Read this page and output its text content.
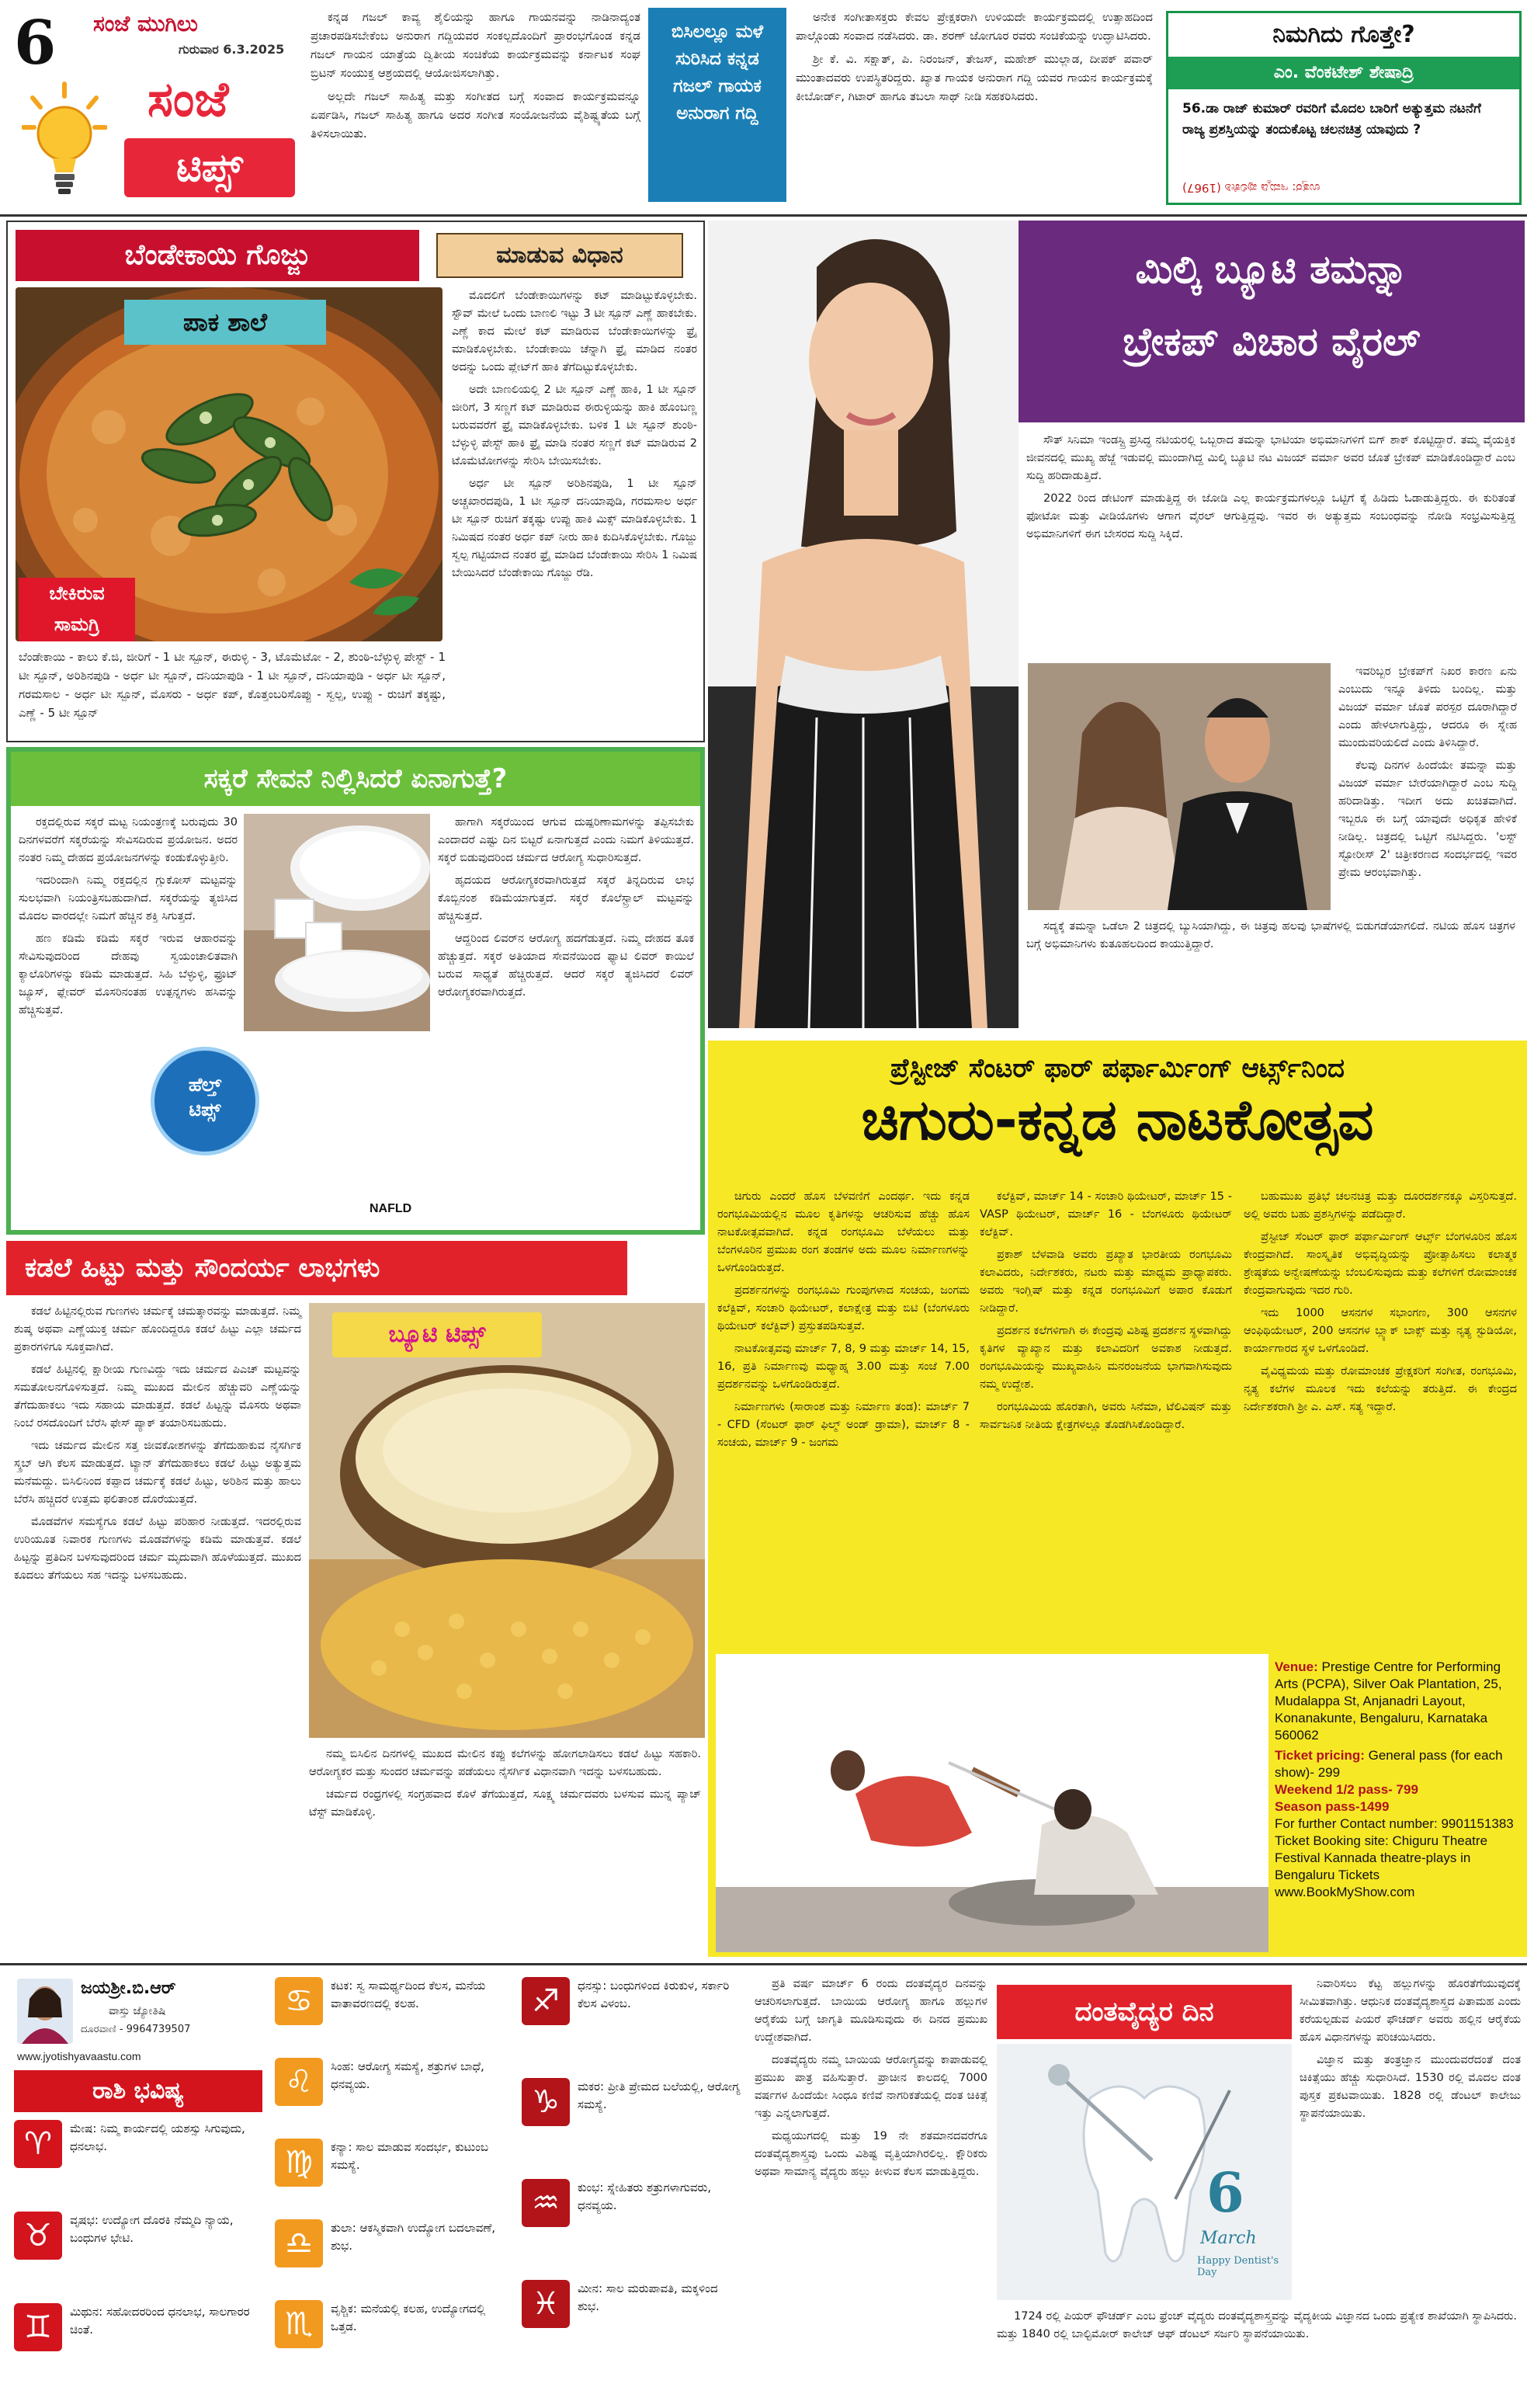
6 ಸಂಜೆ ಮುಗಿಲು
ಗುರುವಾರ 6.3.2025
ಸಂಜೆ
ಟಿಪ್ಸ್

ಕನ್ನಡ ಗಜಲ್ ಕಾವ್ಯ ಶೈಲಿಯನ್ನು ಹಾಗೂ ಗಾಯನವನ್ನು ನಾಡಿನಾದ್ಯಂತ ಪ್ರಚಾರಪಡಿಸಬೇಕೆಂಬ ಅನುರಾಗ ಗದ್ದಿಯವರ ಸಂಕಲ್ಪದೊಂದಿಗೆ ಪ್ರಾರಂಭಗೊಂಡ ಕನ್ನಡ ಗಜಲ್ ಗಾಯನ ಯಾತ್ರೆಯ ದ್ವಿತೀಯ ಸಂಚಿಕೆಯ ಕಾರ್ಯಕ್ರಮವನ್ನು ಕರ್ನಾಟಕ ಸಂಘ ಬ್ರಿಟನ್ ಸಂಯುಕ್ತ ಆಶ್ರಯದಲ್ಲಿ ಆಯೋಜಿಸಲಾಗಿತ್ತು.

ಅಲ್ಲದೇ ಗಜಲ್ ಸಾಹಿತ್ಯ ಮತ್ತು ಸಂಗೀತದ ಬಗ್ಗೆ ಸಂವಾದ ಕಾರ್ಯಕ್ರಮವನ್ನೂ ಏರ್ಪಡಿಸಿ, ಗಜಲ್ ಸಾಹಿತ್ಯ ಹಾಗೂ ಅದರ ಸಂಗೀತ ಸಂಯೋಜನೆಯ ವೈಶಿಷ್ಟ್ಯತೆಯ ಬಗ್ಗೆ ತಿಳಿಸಲಾಯಿತು.

ಬಿಸಿಲಲ್ಲೂ ಮಳೆ ಸುರಿಸಿದ ಕನ್ನಡ ಗಜಲ್ ಗಾಯಕ ಅನುರಾಗ ಗದ್ದಿ

ಅನೇಕ ಸಂಗೀತಾಸಕ್ತರು ಕೇವಲ ಪ್ರೇಕ್ಷಕರಾಗಿ ಉಳಿಯದೇ ಕಾರ್ಯಕ್ರಮದಲ್ಲಿ ಉತ್ಸಾಹದಿಂದ ಪಾಲ್ಗೊಂಡು ಸಂವಾದ ನಡೆಸಿದರು. ಡಾ. ಶರಣ್ ಜೋಗೂರ ರವರು ಸಂಚಿಕೆಯನ್ನು ಉದ್ಘಾಟಿಸಿದರು.

ಶ್ರೀ ಕೆ. ವಿ. ಸಕ್ಷಾತ್, ಪಿ. ನಿರಂಜನ್, ತೇಜಸ್, ಮಹೇಶ್ ಮುಲ್ಲಾಡ, ದೀಪಕ್ ಪವಾರ್ ಮುಂತಾದವರು ಉಪಸ್ಥಿತರಿದ್ದರು. ಖ್ಯಾತ ಗಾಯಕ ಅನುರಾಗ ಗದ್ದಿ ಯವರ ಗಾಯನ ಕಾರ್ಯಕ್ರಮಕ್ಕೆ ಕೀಬೋರ್ಡ್, ಗಿಟಾರ್ ಹಾಗೂ ತಬಲಾ ಸಾಥ್ ನೀಡಿ ಸಹಕರಿಸಿದರು.

ನಿಮಗಿದು ಗೊತ್ತೇ?
ಎಂ. ವೆಂಕಟೇಶ್ ಶೇಷಾದ್ರಿ
56.ಡಾ ರಾಜ್ ಕುಮಾರ್ ರವರಿಗೆ ಮೊದಲ ಬಾರಿಗೆ ಅತ್ಯುತ್ತಮ ನಟನೆಗೆ ರಾಜ್ಯ ಪ್ರಶಸ್ತಿಯನ್ನು ತಂದುಕೊಟ್ಟ ಚಲನಚಿತ್ರ ಯಾವುದು ?
ಉತ್ತರ: ಇಮ್ಮಡಿ ಪುಲಿಕೇಶಿ (1967)
ಬೆಂಡೇಕಾಯಿ ಗೊಜ್ಜು	ಮಾಡುವ ವಿಧಾನ
ಪಾಕ ಶಾಲೆ
ಬೇಕಿರುವ
ಸಾಮಗ್ರಿ
ಬೆಂಡೇಕಾಯಿ - ಕಾಲು ಕೆ.ಜಿ, ಜೀರಿಗೆ - 1 ಟೀ ಸ್ಪೂನ್, ಈರುಳ್ಳಿ - 3, ಟೊಮೆಟೋ - 2, ಶುಂಠಿ-ಬೆಳ್ಳುಳ್ಳಿ ಪೇಸ್ಟ್ - 1 ಟೀ ಸ್ಪೂನ್, ಅರಿಶಿನಪುಡಿ - ಅರ್ಧ ಟೀ ಸ್ಪೂನ್, ದನಿಯಾಪುಡಿ - 1 ಟೀ ಸ್ಪೂನ್, ದನಿಯಾಪುಡಿ - ಅರ್ಧ ಟೀ ಸ್ಪೂನ್, ಗರಮಸಾಲ - ಅರ್ಧ ಟೀ ಸ್ಪೂನ್, ಮೊಸರು - ಅರ್ಧ ಕಪ್, ಕೊತ್ತಂಬರಿಸೊಪ್ಪು - ಸ್ವಲ್ಪ, ಉಪ್ಪು - ರುಚಿಗೆ ತಕ್ಕಷ್ಟು, ಎಣ್ಣೆ - 5 ಟೀ ಸ್ಪೂನ್

ಮೊದಲಿಗೆ ಬೆಂಡೇಕಾಯಿಗಳನ್ನು ಕಟ್ ಮಾಡಿಟ್ಟುಕೊಳ್ಳಬೇಕು. ಸ್ಟೌವ್ ಮೇಲೆ ಒಂದು ಬಾಣಲಿ ಇಟ್ಟು 3 ಟೀ ಸ್ಪೂನ್ ಎಣ್ಣೆ ಹಾಕಬೇಕು. ಎಣ್ಣೆ ಕಾದ ಮೇಲೆ ಕಟ್ ಮಾಡಿರುವ ಬೆಂಡೇಕಾಯಿಗಳನ್ನು ಫ್ರೈ ಮಾಡಿಕೊಳ್ಳಬೇಕು. ಬೆಂಡೇಕಾಯಿ ಚೆನ್ನಾಗಿ ಫ್ರೈ ಮಾಡಿದ ನಂತರ ಅದನ್ನು ಒಂದು ಪ್ಲೇಟ್‌ಗೆ ಹಾಕಿ ತೆಗೆದಿಟ್ಟುಕೊಳ್ಳಬೇಕು.

ಅದೇ ಬಾಣಲಿಯಲ್ಲಿ 2 ಟೀ ಸ್ಪೂನ್ ಎಣ್ಣೆ ಹಾಕಿ, 1 ಟೀ ಸ್ಪೂನ್ ಜೀರಿಗೆ, 3 ಸಣ್ಣಗೆ ಕಟ್ ಮಾಡಿರುವ ಈರುಳ್ಳಿಯನ್ನು ಹಾಕಿ ಹೊಂಬಣ್ಣ ಬರುವವರೆಗೆ ಫ್ರೈ ಮಾಡಿಕೊಳ್ಳಬೇಕು. ಬಳಿಕ 1 ಟೀ ಸ್ಪೂನ್ ಶುಂಠಿ-ಬೆಳ್ಳುಳ್ಳಿ ಪೇಸ್ಟ್ ಹಾಕಿ ಫ್ರೈ ಮಾಡಿ ನಂತರ ಸಣ್ಣಗೆ ಕಟ್ ಮಾಡಿರುವ 2 ಟೊಮೆಟೋಗಳನ್ನು ಸೇರಿಸಿ ಬೇಯಿಸಬೇಕು.

ಅರ್ಧ ಟೀ ಸ್ಪೂನ್ ಅರಿಶಿನಪುಡಿ, 1 ಟೀ ಸ್ಪೂನ್ ಅಚ್ಚಖಾರದಪುಡಿ, 1 ಟೀ ಸ್ಪೂನ್ ದನಿಯಾಪುಡಿ, ಗರಮಸಾಲ ಅರ್ಧ ಟೀ ಸ್ಪೂನ್ ರುಚಿಗೆ ತಕ್ಕಷ್ಟು ಉಪ್ಪು ಹಾಕಿ ಮಿಕ್ಸ್ ಮಾಡಿಕೊಳ್ಳಬೇಕು. 1 ನಿಮಿಷದ ನಂತರ ಅರ್ಧ ಕಪ್ ನೀರು ಹಾಕಿ ಕುದಿಸಿಕೊಳ್ಳಬೇಕು. ಗೊಜ್ಜು ಸ್ವಲ್ಪ ಗಟ್ಟಿಯಾದ ನಂತರ ಫ್ರೈ ಮಾಡಿದ ಬೆಂಡೇಕಾಯಿ ಸೇರಿಸಿ 1 ನಿಮಿಷ ಬೇಯಿಸಿದರೆ ಬೆಂಡೇಕಾಯಿ ಗೊಜ್ಜು ರೆಡಿ.

ಸಕ್ಕರೆ ಸೇವನೆ ನಿಲ್ಲಿಸಿದರೆ ಏನಾಗುತ್ತೆ?

ರಕ್ತದಲ್ಲಿರುವ ಸಕ್ಕರೆ ಮಟ್ಟ ನಿಯಂತ್ರಣಕ್ಕೆ ಬರುವುದು 30 ದಿನಗಳವರೆಗೆ ಸಕ್ಕರೆಯನ್ನು ಸೇವಿಸದಿರುವ ಪ್ರಯೋಜನ. ಅದರ ನಂತರ ನಿಮ್ಮ ದೇಹದ ಪ್ರಯೋಜನಗಳನ್ನು ಕಂಡುಕೊಳ್ಳುತ್ತೀರಿ.

ಇದರಿಂದಾಗಿ ನಿಮ್ಮ ರಕ್ತದಲ್ಲಿನ ಗ್ಲುಕೋಸ್ ಮಟ್ಟವನ್ನು ಸುಲಭವಾಗಿ ನಿಯಂತ್ರಿಸಬಹುದಾಗಿದೆ. ಸಕ್ಕರೆಯನ್ನು ತ್ಯಜಿಸಿದ ಮೊದಲ ವಾರದಲ್ಲೇ ನಿಮಗೆ ಹೆಚ್ಚಿನ ಶಕ್ತಿ ಸಿಗುತ್ತದೆ.

ಹಣ ಕಡಿಮೆ ಕಡಿಮೆ ಸಕ್ಕರೆ ಇರುವ ಆಹಾರವನ್ನು ಸೇವಿಸುವುದರಿಂದ ದೇಹವು ಸ್ವಯಂಚಾಲಿತವಾಗಿ ಕ್ಯಾಲೊರಿಗಳನ್ನು ಕಡಿಮೆ ಮಾಡುತ್ತದೆ. ಸಿಹಿ ಬೆಳ್ಳುಳ್ಳಿ, ಫ್ರೂಟ್ ಜ್ಯೂಸ್, ಫ್ಲೇವರ್ ಮೊಸರಿನಂತಹ ಉತ್ಪನ್ನಗಳು ಹಸಿವನ್ನು ಹೆಚ್ಚಿಸುತ್ತವೆ.

ಹೆಲ್ತ್
ಟಿಪ್ಸ್

ಹಾಗಾಗಿ ಸಕ್ಕರೆಯಿಂದ ಆಗುವ ದುಷ್ಪರಿಣಾಮಗಳನ್ನು ತಪ್ಪಿಸಬೇಕು ಎಂದಾದರೆ ಎಷ್ಟು ದಿನ ಬಿಟ್ಟರೆ ಏನಾಗುತ್ತದೆ ಎಂದು ನಿಮಗೆ ತಿಳಿಯುತ್ತದೆ. ಸಕ್ಕರೆ ಬಿಡುವುದರಿಂದ ಚರ್ಮದ ಆರೋಗ್ಯ ಸುಧಾರಿಸುತ್ತದೆ.

ಹೃದಯದ ಆರೋಗ್ಯಕರವಾಗಿರುತ್ತದೆ ಸಕ್ಕರೆ ತಿನ್ನದಿರುವ ಲಾಭ ಕೊಬ್ಬಿನಂಶ ಕಡಿಮೆಯಾಗುತ್ತದೆ. ಸಕ್ಕರೆ ಕೊಲೆಸ್ಟ್ರಾಲ್ ಮಟ್ಟವನ್ನು ಹೆಚ್ಚಿಸುತ್ತದೆ.

ಆದ್ದರಿಂದ ಲಿವರ್‌ನ ಆರೋಗ್ಯ ಹದಗೆಡುತ್ತದೆ. ನಿಮ್ಮ ದೇಹದ ತೂಕ ಹೆಚ್ಚುತ್ತದೆ. ಸಕ್ಕರೆ ಅತಿಯಾದ ಸೇವನೆಯಿಂದ ಫ್ಯಾಟಿ ಲಿವರ್ ಕಾಯಿಲೆ ಬರುವ ಸಾಧ್ಯತೆ ಹೆಚ್ಚಿರುತ್ತದೆ. ಆದರೆ ಸಕ್ಕರೆ ತ್ಯಜಿಸಿದರೆ ಲಿವರ್ ಆರೋಗ್ಯಕರವಾಗಿರುತ್ತದೆ.

NAFLD
ಕಡಲೆ ಹಿಟ್ಟು ಮತ್ತು ಸೌಂದರ್ಯ ಲಾಭಗಳು

ಕಡಲೆ ಹಿಟ್ಟಿನಲ್ಲಿರುವ ಗುಣಗಳು ಚರ್ಮಕ್ಕೆ ಚಮತ್ಕಾರವನ್ನು ಮಾಡುತ್ತದೆ. ನಿಮ್ಮ ಶುಷ್ಕ ಅಥವಾ ಎಣ್ಣೆಯುಕ್ತ ಚರ್ಮ ಹೊಂದಿದ್ದರೂ ಕಡಲೆ ಹಿಟ್ಟು ಎಲ್ಲಾ ಚರ್ಮದ ಪ್ರಕಾರಗಳಿಗೂ ಸೂಕ್ತವಾಗಿದೆ.

ಕಡಲೆ ಹಿಟ್ಟಿನಲ್ಲಿ ಕ್ಷಾರೀಯ ಗುಣವಿದ್ದು ಇದು ಚರ್ಮದ ಪಿಎಚ್ ಮಟ್ಟವನ್ನು ಸಮತೋಲನಗೊಳಿಸುತ್ತದೆ. ನಿಮ್ಮ ಮುಖದ ಮೇಲಿನ ಹೆಚ್ಚುವರಿ ಎಣ್ಣೆಯನ್ನು ತೆಗೆದುಹಾಕಲು ಇದು ಸಹಾಯ ಮಾಡುತ್ತದೆ. ಕಡಲೆ ಹಿಟ್ಟನ್ನು ಮೊಸರು ಅಥವಾ ನಿಂಬೆ ರಸದೊಂದಿಗೆ ಬೆರೆಸಿ ಫೇಸ್ ಪ್ಯಾಕ್ ತಯಾರಿಸಬಹುದು.

ಇದು ಚರ್ಮದ ಮೇಲಿನ ಸತ್ತ ಜೀವಕೋಶಗಳನ್ನು ತೆಗೆದುಹಾಕುವ ನೈಸರ್ಗಿಕ ಸ್ಕ್ರಬ್ ಆಗಿ ಕೆಲಸ ಮಾಡುತ್ತದೆ. ಟ್ಯಾನ್ ತೆಗೆದುಹಾಕಲು ಕಡಲೆ ಹಿಟ್ಟು ಅತ್ಯುತ್ತಮ ಮನೆಮದ್ದು. ಬಿಸಿಲಿನಿಂದ ಕಪ್ಪಾದ ಚರ್ಮಕ್ಕೆ ಕಡಲೆ ಹಿಟ್ಟು, ಅರಿಶಿನ ಮತ್ತು ಹಾಲು ಬೆರೆಸಿ ಹಚ್ಚಿದರೆ ಉತ್ತಮ ಫಲಿತಾಂಶ ದೊರೆಯುತ್ತದೆ.

ಮೊಡವೆಗಳ ಸಮಸ್ಯೆಗೂ ಕಡಲೆ ಹಿಟ್ಟು ಪರಿಹಾರ ನೀಡುತ್ತದೆ. ಇದರಲ್ಲಿರುವ ಉರಿಯೂತ ನಿವಾರಕ ಗುಣಗಳು ಮೊಡವೆಗಳನ್ನು ಕಡಿಮೆ ಮಾಡುತ್ತವೆ. ಕಡಲೆ ಹಿಟ್ಟನ್ನು ಪ್ರತಿದಿನ ಬಳಸುವುದರಿಂದ ಚರ್ಮ ಮೃದುವಾಗಿ ಹೊಳೆಯುತ್ತದೆ. ಮುಖದ ಕೂದಲು ತೆಗೆಯಲು ಸಹ ಇದನ್ನು ಬಳಸಬಹುದು.

ಬ್ಯೂಟಿ ಟಿಪ್ಸ್

ನಮ್ಮ ಬಿಸಿಲಿನ ದಿನಗಳಲ್ಲಿ ಮುಖದ ಮೇಲಿನ ಕಪ್ಪು ಕಲೆಗಳನ್ನು ಹೋಗಲಾಡಿಸಲು ಕಡಲೆ ಹಿಟ್ಟು ಸಹಕಾರಿ. ಆರೋಗ್ಯಕರ ಮತ್ತು ಸುಂದರ ಚರ್ಮವನ್ನು ಪಡೆಯಲು ನೈಸರ್ಗಿಕ ವಿಧಾನವಾಗಿ ಇದನ್ನು ಬಳಸಬಹುದು.

ಚರ್ಮದ ರಂಧ್ರಗಳಲ್ಲಿ ಸಂಗ್ರಹವಾದ ಕೊಳೆ ತೆಗೆಯುತ್ತದೆ, ಸೂಕ್ಷ್ಮ ಚರ್ಮದವರು ಬಳಸುವ ಮುನ್ನ ಪ್ಯಾಚ್ ಟೆಸ್ಟ್ ಮಾಡಿಕೊಳ್ಳಿ.

ಮಿಲ್ಕಿ ಬ್ಯೂಟಿ ತಮನ್ನಾ
ಬ್ರೇಕಪ್ ವಿಚಾರ ವೈರಲ್

ಸೌತ್ ಸಿನಿಮಾ ಇಂಡಸ್ಟ್ರಿ ಪ್ರಸಿದ್ಧ ನಟಿಯರಲ್ಲಿ ಒಬ್ಬರಾದ ತಮನ್ನಾ ಭಾಟಿಯಾ ಅಭಿಮಾನಿಗಳಿಗೆ ಬಿಗ್ ಶಾಕ್ ಕೊಟ್ಟಿದ್ದಾರೆ. ತಮ್ಮ ವೈಯಕ್ತಿಕ ಜೀವನದಲ್ಲಿ ಮುಖ್ಯ ಹೆಜ್ಜೆ ಇಡುವಲ್ಲಿ ಮುಂದಾಗಿದ್ದ ಮಿಲ್ಕಿ ಬ್ಯೂಟಿ ನಟ ವಿಜಯ್ ವರ್ಮಾ ಅವರ ಜೊತೆ ಬ್ರೇಕಪ್ ಮಾಡಿಕೊಂಡಿದ್ದಾರೆ ಎಂಬ ಸುದ್ದಿ ಹರಿದಾಡುತ್ತಿದೆ.

2022 ರಿಂದ ಡೇಟಿಂಗ್ ಮಾಡುತ್ತಿದ್ದ ಈ ಜೋಡಿ ಎಲ್ಲ ಕಾರ್ಯಕ್ರಮಗಳಲ್ಲೂ ಒಟ್ಟಿಗೆ ಕೈ ಹಿಡಿದು ಓಡಾಡುತ್ತಿದ್ದರು. ಈ ಕುರಿತಂತೆ ಫೋಟೋ ಮತ್ತು ವೀಡಿಯೊಗಳು ಆಗಾಗ ವೈರಲ್ ಆಗುತ್ತಿದ್ದವು. ಇವರ ಈ ಅತ್ಯುತ್ತಮ ಸಂಬಂಧವನ್ನು ನೋಡಿ ಸಂಭ್ರಮಿಸುತ್ತಿದ್ದ ಅಭಿಮಾನಿಗಳಿಗೆ ಈಗ ಬೇಸರದ ಸುದ್ದಿ ಸಿಕ್ಕಿದೆ.

ಇವರಿಬ್ಬರ ಬ್ರೇಕಪ್‌ಗೆ ನಿಖರ ಕಾರಣ ಏನು ಎಂಬುದು ಇನ್ನೂ ತಿಳಿದು ಬಂದಿಲ್ಲ. ಮತ್ತು ವಿಜಯ್ ವರ್ಮಾ ಜೊತೆ ಪರಸ್ಪರ ದೂರಾಗಿದ್ದಾರೆ ಎಂದು ಹೇಳಲಾಗುತ್ತಿದ್ದು, ಆದರೂ ಈ ಸ್ನೇಹ ಮುಂದುವರಿಯಲಿದೆ ಎಂದು ತಿಳಿಸಿದ್ದಾರೆ.

ಕೆಲವು ದಿನಗಳ ಹಿಂದೆಯೇ ತಮನ್ನಾ ಮತ್ತು ವಿಜಯ್ ವರ್ಮಾ ಬೇರೆಯಾಗಿದ್ದಾರೆ ಎಂಬ ಸುದ್ದಿ ಹರಿದಾಡಿತ್ತು. ಇದೀಗ ಅದು ಖಚಿತವಾಗಿದೆ. ಇಬ್ಬರೂ ಈ ಬಗ್ಗೆ ಯಾವುದೇ ಅಧಿಕೃತ ಹೇಳಿಕೆ ನೀಡಿಲ್ಲ. ಚಿತ್ರದಲ್ಲಿ ಒಟ್ಟಿಗೆ ನಟಿಸಿದ್ದರು. 'ಲಸ್ಟ್ ಸ್ಟೋರೀಸ್ 2' ಚಿತ್ರೀಕರಣದ ಸಂದರ್ಭದಲ್ಲಿ ಇವರ ಪ್ರೇಮ ಆರಂಭವಾಗಿತ್ತು.

ಸದ್ಯಕ್ಕೆ ತಮನ್ನಾ ಒಡೆಲಾ 2 ಚಿತ್ರದಲ್ಲಿ ಬ್ಯುಸಿಯಾಗಿದ್ದು, ಈ ಚಿತ್ರವು ಹಲವು ಭಾಷೆಗಳಲ್ಲಿ ಬಿಡುಗಡೆಯಾಗಲಿದೆ. ನಟಿಯ ಹೊಸ ಚಿತ್ರಗಳ ಬಗ್ಗೆ ಅಭಿಮಾನಿಗಳು ಕುತೂಹಲದಿಂದ ಕಾಯುತ್ತಿದ್ದಾರೆ.

ಪ್ರೆಸ್ಟೀಜ್ ಸೆಂಟರ್ ಫಾರ್ ಪರ್ಫಾರ್ಮಿಂಗ್ ಆರ್ಟ್ಸ್‌ನಿಂದ
ಚಿಗುರು-ಕನ್ನಡ ನಾಟಕೋತ್ಸವ

ಚಿಗುರು ಎಂದರೆ ಹೊಸ ಬೆಳವಣಿಗೆ ಎಂದರ್ಥ. ಇದು ಕನ್ನಡ ರಂಗಭೂಮಿಯಲ್ಲಿನ ಮೂಲ ಕೃತಿಗಳನ್ನು ಆಚರಿಸುವ ಹೆಚ್ಚು ಹೊಸ ನಾಟಕೋತ್ಸವವಾಗಿದೆ. ಕನ್ನಡ ರಂಗಭೂಮಿ ಬೆಳೆಯಲು ಮತ್ತು ಬೆಂಗಳೂರಿನ ಪ್ರಮುಖ ರಂಗ ತಂಡಗಳ ಅದು ಮೂಲ ನಿರ್ಮಾಣಗಳನ್ನು ಒಳಗೊಂಡಿರುತ್ತದೆ.

ಪ್ರದರ್ಶನಗಳನ್ನು ರಂಗಭೂಮಿ ಗುಂಪುಗಳಾದ ಸಂಚಯ, ಜಂಗಮ ಕಲೆಕ್ಟಿವ್, ಸಂಚಾರಿ ಥಿಯೇಟರ್, ಕಲಾಕ್ಷೇತ್ರ ಮತ್ತು ಬಿಟಿ (ಬೆಂಗಳೂರು ಥಿಯೇಟರ್ ಕಲೆಕ್ಟಿವ್) ಪ್ರಸ್ತುತಪಡಿಸುತ್ತವೆ.

ನಾಟಕೋತ್ಸವವು ಮಾರ್ಚ್ 7, 8, 9 ಮತ್ತು ಮಾರ್ಚ್ 14, 15, 16, ಪ್ರತಿ ನಿರ್ಮಾಣವು ಮಧ್ಯಾಹ್ನ 3.00 ಮತ್ತು ಸಂಜೆ 7.00 ಪ್ರದರ್ಶನವನ್ನು ಒಳಗೊಂಡಿರುತ್ತದೆ.

ನಿರ್ಮಾಣಗಳು (ಸಾರಾಂಶ ಮತ್ತು ನಿರ್ಮಾಣ ತಂಡ): ಮಾರ್ಚ್ 7 - CFD (ಸೆಂಟರ್ ಫಾರ್ ಫಿಲ್ಮ್ ಅಂಡ್ ಡ್ರಾಮಾ), ಮಾರ್ಚ್ 8 - ಸಂಚಯ, ಮಾರ್ಚ್ 9 - ಜಂಗಮ

ಕಲೆಕ್ಟಿವ್, ಮಾರ್ಚ್ 14 - ಸಂಚಾರಿ ಥಿಯೇಟರ್, ಮಾರ್ಚ್ 15 - VASP ಥಿಯೇಟರ್, ಮಾರ್ಚ್ 16 - ಬೆಂಗಳೂರು ಥಿಯೇಟರ್ ಕಲೆಕ್ಟಿವ್.

ಪ್ರಕಾಶ್ ಬೆಳವಾಡಿ ಅವರು ಪ್ರಖ್ಯಾತ ಭಾರತೀಯ ರಂಗಭೂಮಿ ಕಲಾವಿದರು, ನಿರ್ದೇಶಕರು, ನಟರು ಮತ್ತು ಮಾಧ್ಯಮ ಪ್ರಾಧ್ಯಾಪಕರು. ಅವರು ಇಂಗ್ಲಿಷ್ ಮತ್ತು ಕನ್ನಡ ರಂಗಭೂಮಿಗೆ ಅಪಾರ ಕೊಡುಗೆ ನೀಡಿದ್ದಾರೆ.

ಪ್ರದರ್ಶನ ಕಲೆಗಳಿಗಾಗಿ ಈ ಕೇಂದ್ರವು ವಿಶಿಷ್ಟ ಪ್ರದರ್ಶನ ಸ್ಥಳವಾಗಿದ್ದು ಕೃತಿಗಳ ವ್ಯಾಖ್ಯಾನ ಮತ್ತು ಕಲಾವಿದರಿಗೆ ಅವಕಾಶ ನೀಡುತ್ತದೆ. ರಂಗಭೂಮಿಯನ್ನು ಮುಖ್ಯವಾಹಿನಿ ಮನರಂಜನೆಯ ಭಾಗವಾಗಿಸುವುದು ನಮ್ಮ ಉದ್ದೇಶ.

ರಂಗಭೂಮಿಯ ಹೊರತಾಗಿ, ಅವರು ಸಿನೆಮಾ, ಟೆಲಿವಿಷನ್ ಮತ್ತು ಸಾರ್ವಜನಿಕ ನೀತಿಯ ಕ್ಷೇತ್ರಗಳಲ್ಲೂ ತೊಡಗಿಸಿಕೊಂಡಿದ್ದಾರೆ.

ಬಹುಮುಖ ಪ್ರತಿಭೆ ಚಲನಚಿತ್ರ ಮತ್ತು ದೂರದರ್ಶನಕ್ಕೂ ವಿಸ್ತರಿಸುತ್ತದೆ. ಅಲ್ಲಿ ಅವರು ಬಹು ಪ್ರಶಸ್ತಿಗಳನ್ನು ಪಡೆದಿದ್ದಾರೆ.

ಪ್ರೆಸ್ಟೀಜ್ ಸೆಂಟರ್ ಫಾರ್ ಪರ್ಫಾರ್ಮಿಂಗ್ ಆರ್ಟ್ಸ್ ಬೆಂಗಳೂರಿನ ಹೊಸ ಕೇಂದ್ರವಾಗಿದೆ. ಸಾಂಸ್ಕೃತಿಕ ಅಭಿವೃದ್ಧಿಯನ್ನು ಪ್ರೋತ್ಸಾಹಿಸಲು ಕಲಾತ್ಮಕ ಶ್ರೇಷ್ಠತೆಯ ಅನ್ವೇಷಣೆಯನ್ನು ಬೆಂಬಲಿಸುವುದು ಮತ್ತು ಕಲೆಗಳಿಗೆ ರೋಮಾಂಚಕ ಕೇಂದ್ರವಾಗುವುದು ಇದರ ಗುರಿ.

ಇದು 1000 ಆಸನಗಳ ಸಭಾಂಗಣ, 300 ಆಸನಗಳ ಆಂಫಿಥಿಯೇಟರ್, 200 ಆಸನಗಳ ಬ್ಲ್ಯಾಕ್ ಬಾಕ್ಸ್ ಮತ್ತು ನೃತ್ಯ ಸ್ಟುಡಿಯೋ, ಕಾರ್ಯಾಗಾರದ ಸ್ಥಳ ಒಳಗೊಂಡಿದೆ.

ವೈವಿಧ್ಯಮಯ ಮತ್ತು ರೋಮಾಂಚಕ ಪ್ರೇಕ್ಷಕರಿಗೆ ಸಂಗೀತ, ರಂಗಭೂಮಿ, ನೃತ್ಯ ಕಲೆಗಳ ಮೂಲಕ ಇದು ಕಲೆಯನ್ನು ತರುತ್ತಿದೆ. ಈ ಕೇಂದ್ರದ ನಿರ್ದೇಶಕರಾಗಿ ಶ್ರೀ ಎ. ಎಸ್. ಸತ್ಯ ಇದ್ದಾರೆ.

Venue: Prestige Centre for Performing Arts (PCPA), Silver Oak Plantation, 25, Mudalappa St, Anjanadri Layout, Konanakunte, Bengaluru, Karnataka 560062
Ticket pricing: General pass (for each show)- 299
Weekend 1/2 pass- 799
Season pass-1499
For further Contact number: 9901151383
Ticket Booking site: Chiguru Theatre Festival Kannada theatre-plays in Bengaluru Tickets www.BookMyShow.com
ಜಯಶ್ರೀ.ಬಿ.ಆರ್
ವಾಸ್ತು ಜ್ಯೋತಿಷಿ
ದೂರವಾಣಿ - 9964739507
www.jyotishyavaastu.com
ರಾಶಿ ಭವಿಷ್ಯ
♈	ಮೇಷ: ನಿಮ್ಮ ಕಾರ್ಯದಲ್ಲಿ ಯಶಸ್ಸು ಸಿಗುವುದು, ಧನಲಾಭ.
♉	ವೃಷಭ: ಉದ್ಯೋಗ ದೊರಕಿ ನೆಮ್ಮದಿ ನ್ಯಾಯ, ಬಂಧುಗಳ ಭೇಟಿ.
♊	ಮಿಥುನ: ಸಹೋದರರಿಂದ ಧನಲಾಭ, ಸಾಲಗಾರರ ಚಿಂತೆ.
♋	ಕಟಕ: ಸ್ವ ಸಾಮರ್ಥ್ಯದಿಂದ ಕೆಲಸ, ಮನೆಯ ವಾತಾವರಣದಲ್ಲಿ ಕಲಹ.
♌	ಸಿಂಹ: ಆರೋಗ್ಯ ಸಮಸ್ಯೆ, ಶತ್ರುಗಳ ಬಾಧೆ, ಧನವ್ಯಯ.
♍	ಕನ್ಯಾ: ಸಾಲ ಮಾಡುವ ಸಂದರ್ಭ, ಕುಟುಂಬ ಸಮಸ್ಯೆ.
♎	ತುಲಾ: ಆಕಸ್ಮಿಕವಾಗಿ ಉದ್ಯೋಗ ಬದಲಾವಣೆ, ಶುಭ.
♏	ವೃಶ್ಚಿಕ: ಮನೆಯಲ್ಲಿ ಕಲಹ, ಉದ್ಯೋಗದಲ್ಲಿ ಒತ್ತಡ.
♐	ಧನಸ್ಸು: ಬಂಧುಗಳಿಂದ ಕಿರುಕುಳ, ಸರ್ಕಾರಿ ಕೆಲಸ ವಿಳಂಬ.
♑	ಮಕರ: ಪ್ರೀತಿ ಪ್ರೇಮದ ಬಲೆಯಲ್ಲಿ, ಆರೋಗ್ಯ ಸಮಸ್ಯೆ.
♒	ಕುಂಭ: ಸ್ನೇಹಿತರು ಶತ್ರುಗಳಾಗುವರು, ಧನವ್ಯಯ.
♓	ಮೀನ: ಸಾಲ ಮರುಪಾವತಿ, ಮಕ್ಕಳಿಂದ ಶುಭ.

ಪ್ರತಿ ವರ್ಷ ಮಾರ್ಚ್ 6 ರಂದು ದಂತವೈದ್ಯರ ದಿನವನ್ನು ಆಚರಿಸಲಾಗುತ್ತದೆ. ಬಾಯಿಯ ಆರೋಗ್ಯ ಹಾಗೂ ಹಲ್ಲುಗಳ ಆರೈಕೆಯ ಬಗ್ಗೆ ಜಾಗೃತಿ ಮೂಡಿಸುವುದು ಈ ದಿನದ ಪ್ರಮುಖ ಉದ್ದೇಶವಾಗಿದೆ.

ದಂತವೈದ್ಯರು ನಮ್ಮ ಬಾಯಿಯ ಆರೋಗ್ಯವನ್ನು ಕಾಪಾಡುವಲ್ಲಿ ಪ್ರಮುಖ ಪಾತ್ರ ವಹಿಸುತ್ತಾರೆ. ಪ್ರಾಚೀನ ಕಾಲದಲ್ಲಿ 7000 ವರ್ಷಗಳ ಹಿಂದೆಯೇ ಸಿಂಧೂ ಕಣಿವೆ ನಾಗರಿಕತೆಯಲ್ಲಿ ದಂತ ಚಿಕಿತ್ಸೆ ಇತ್ತು ಎನ್ನಲಾಗುತ್ತದೆ.

ಮಧ್ಯಯುಗದಲ್ಲಿ ಮತ್ತು 19 ನೇ ಶತಮಾನದವರೆಗೂ ದಂತವೈದ್ಯಶಾಸ್ತ್ರವು ಒಂದು ವಿಶಿಷ್ಟ ವೃತ್ತಿಯಾಗಿರಲಿಲ್ಲ. ಕ್ಷೌರಿಕರು ಅಥವಾ ಸಾಮಾನ್ಯ ವೈದ್ಯರು ಹಲ್ಲು ಕೀಳುವ ಕೆಲಸ ಮಾಡುತ್ತಿದ್ದರು.

ದಂತವೈದ್ಯರ ದಿನ
6
March
Happy Dentist's Day

ನಿವಾರಿಸಲು ಕೆಟ್ಟ ಹಲ್ಲುಗಳನ್ನು ಹೊರತೆಗೆಯುವುದಕ್ಕೆ ಸೀಮಿತವಾಗಿತ್ತು. ಆಧುನಿಕ ದಂತವೈದ್ಯಶಾಸ್ತ್ರದ ಪಿತಾಮಹ ಎಂದು ಕರೆಯಲ್ಪಡುವ ಪಿಯರೆ ಫೌಚರ್ಡ್ ಅವರು ಹಲ್ಲಿನ ಆರೈಕೆಯ ಹೊಸ ವಿಧಾನಗಳನ್ನು ಪರಿಚಯಿಸಿದರು.

ವಿಜ್ಞಾನ ಮತ್ತು ತಂತ್ರಜ್ಞಾನ ಮುಂದುವರೆದಂತೆ ದಂತ ಚಿಕಿತ್ಸೆಯು ಹೆಚ್ಚು ಸುಧಾರಿಸಿದೆ. 1530 ರಲ್ಲಿ ಮೊದಲ ದಂತ ಪುಸ್ತಕ ಪ್ರಕಟವಾಯಿತು. 1828 ರಲ್ಲಿ ಡೆಂಟಲ್ ಕಾಲೇಜು ಸ್ಥಾಪನೆಯಾಯಿತು.

1724 ರಲ್ಲಿ ಪಿಯರ್ ಫೌಚರ್ಡ್ ಎಂಬ ಫ್ರೆಂಚ್ ವೈದ್ಯರು ದಂತವೈದ್ಯಶಾಸ್ತ್ರವನ್ನು ವೈದ್ಯಕೀಯ ವಿಜ್ಞಾನದ ಒಂದು ಪ್ರತ್ಯೇಕ ಶಾಖೆಯಾಗಿ ಸ್ಥಾಪಿಸಿದರು. ಮತ್ತು 1840 ರಲ್ಲಿ ಬಾಲ್ಟಿಮೋರ್ ಕಾಲೇಜ್ ಆಫ್ ಡೆಂಟಲ್ ಸರ್ಜರಿ ಸ್ಥಾಪನೆಯಾಯಿತು.
